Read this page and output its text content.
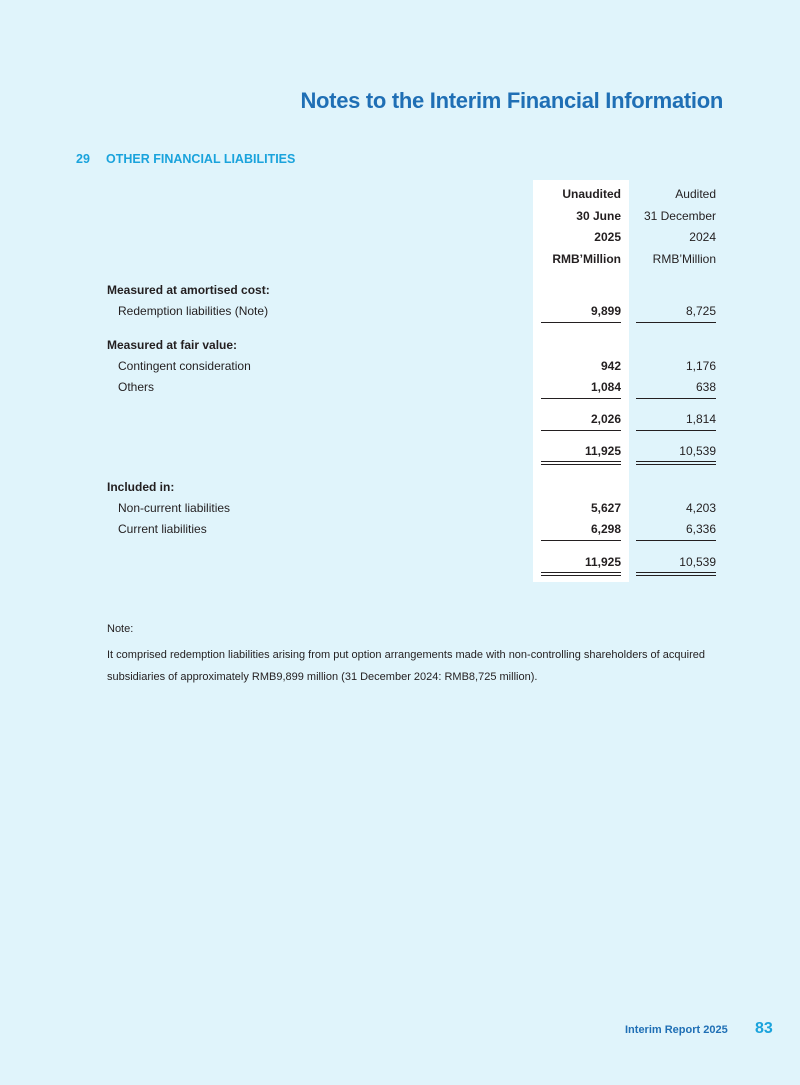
Notes to the Interim Financial Information
29 OTHER FINANCIAL LIABILITIES
Unaudited	Audited
30 June 31 December
2025	2024
RMB’Million	RMB’Million
Measured at amortised cost:
Redemption liabilities (Note)	9,899	8,725
Measured at fair value:
Contingent consideration	942	1,176
Others	1,084	638
2,026	1,814
11,925	10,539
Included in:
Non-current liabilities	5,627	4,203
Current liabilities	6,298	6,336
11,925	10,539
Note:
It comprised redemption liabilities arising from put option arrangements made with non-controlling shareholders of acquired subsidiaries of approximately RMB9,899 million (31 December 2024: RMB8,725 million).
Interim Report 2025 83
